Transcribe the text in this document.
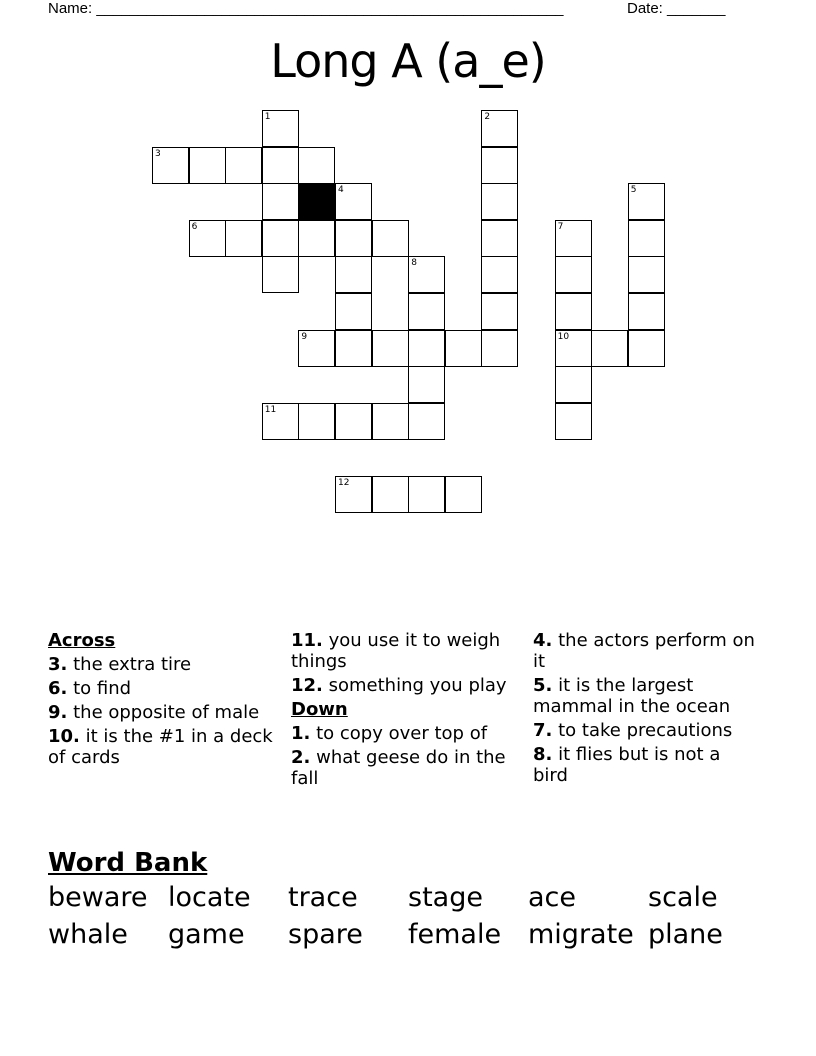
Name: ________________________________________________________	Date: _______
Long A (a_e)
1	2
3
4	5
6	7
8
9	10
11
12
Across
3. the extra tire
6. to find
9. the opposite of male
10. it is the #1 in a deck of cards
11. you use it to weigh things
12. something you play
Down
1. to copy over top of
2. what geese do in the fall
4. the actors perform on it
5. it is the largest mammal in the ocean
7. to take precautions
8. it flies but is not a bird
Word Bank
beware locate	trace	stage	ace	scale
whale	game	spare	female migrate plane
